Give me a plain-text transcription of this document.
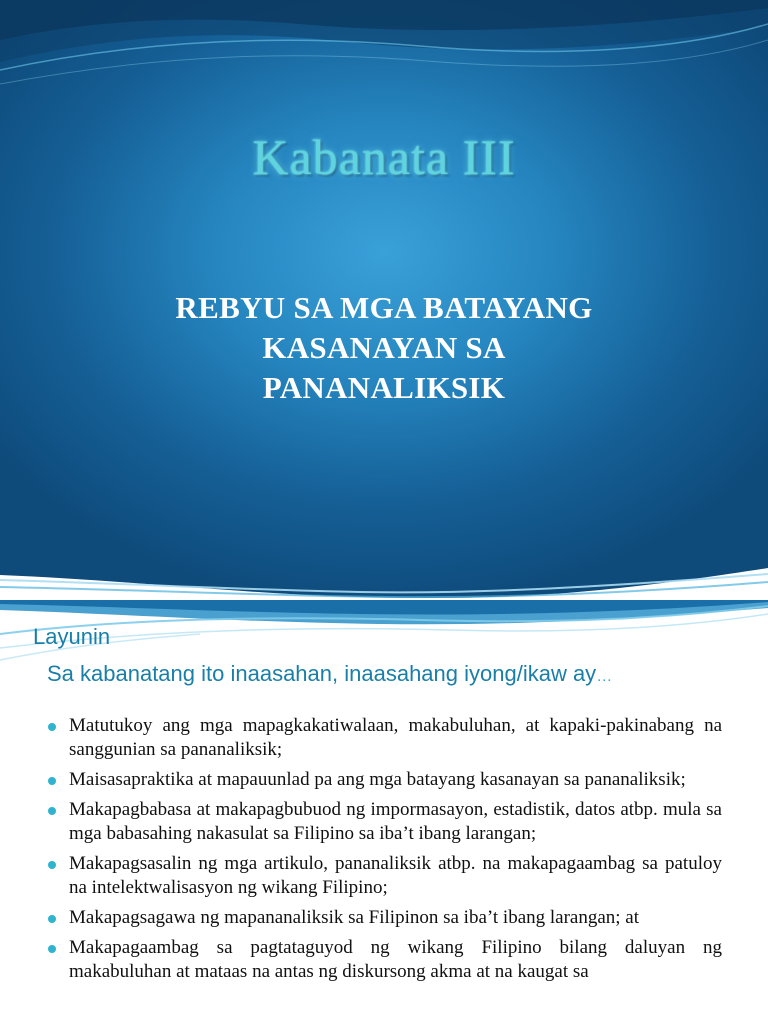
Kabanata III
REBYU SA MGA BATAYANG
KASANAYAN SA
PANANALIKSIK
Layunin
Sa kabanatang ito inaasahan, inaasahang iyong/ikaw ay…
Matutukoy ang mga mapagkakatiwalaan, makabuluhan, at kapaki-pakinabang na sanggunian sa pananaliksik;
Maisasapraktika at mapauunlad pa ang mga batayang kasanayan sa pananaliksik;
Makapagbabasa at makapagbubuod ng impormasayon, estadistik, datos atbp. mula sa mga babasahing nakasulat sa Filipino sa iba’t ibang larangan;
Makapagsasalin ng mga artikulo, pananaliksik atbp. na makapagaambag sa patuloy na intelektwalisasyon ng wikang Filipino;
Makapagsagawa ng mapananaliksik sa Filipinon sa iba’t ibang larangan; at
Makapagaambag sa pagtataguyod ng wikang Filipino bilang daluyan ng makabuluhan at mataas na antas ng diskursong akma at na kaugat sa
